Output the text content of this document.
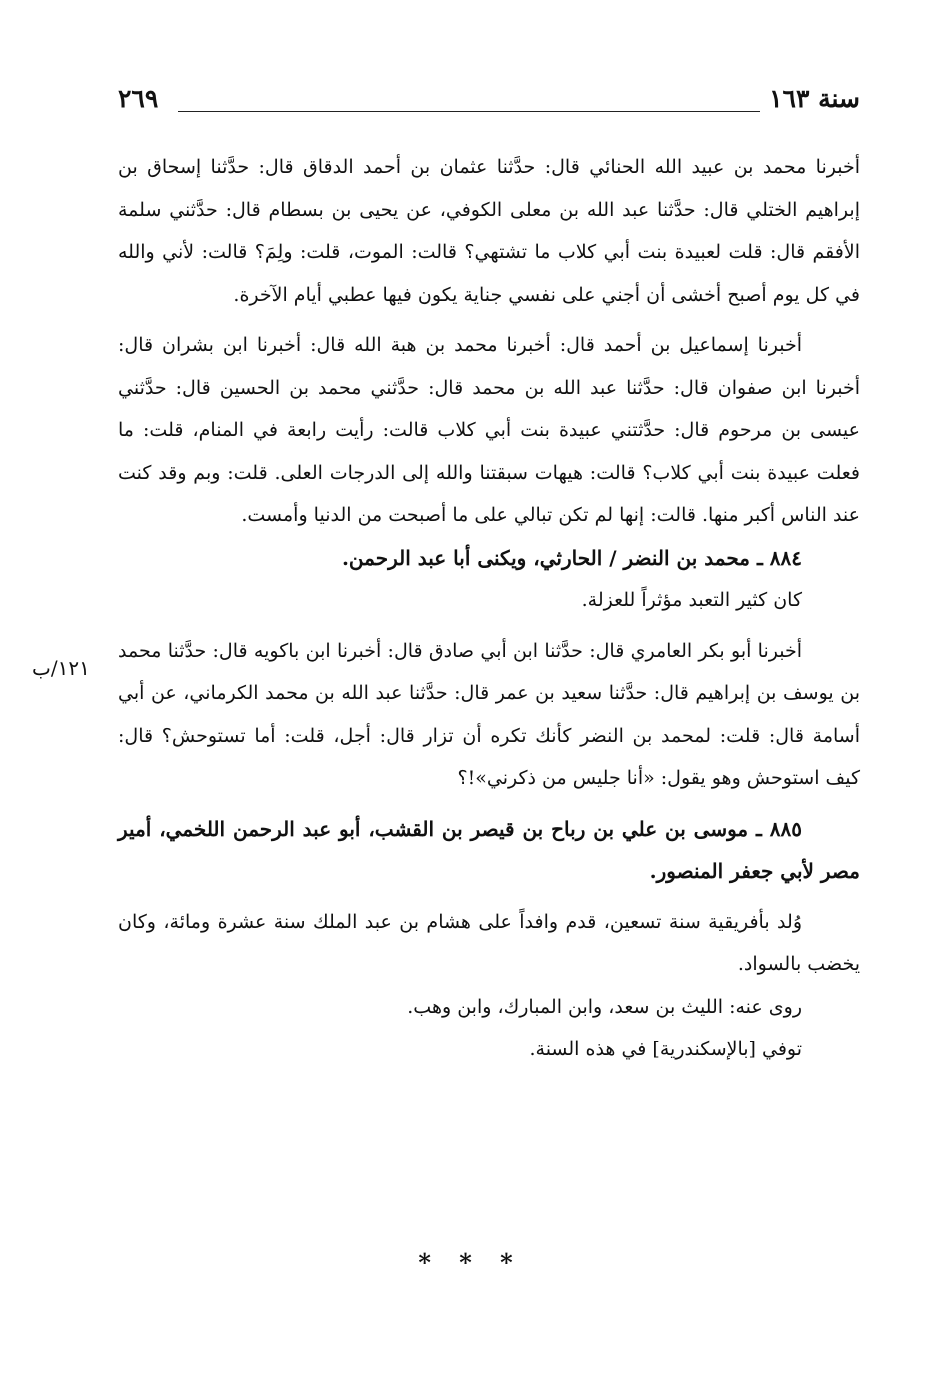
٢٦٩	سنة ١٦٣
١٢١/ب

أخبرنا محمد بن عبيد الله الحنائي قال: حدَّثنا عثمان بن أحمد الدقاق قال: حدَّثنا إسحاق بن إبراهيم الختلي قال: حدَّثنا عبد الله بن معلى الكوفي، عن يحيى بن بسطام قال: حدَّثني سلمة الأفقم قال: قلت لعبيدة بنت أبي كلاب ما تشتهي؟ قالت: الموت، قلت: ولِمَ؟ قالت: لأني والله في كل يوم أصبح أخشى أن أجني على نفسي جناية يكون فيها عطبي أيام الآخرة.

أخبرنا إسماعيل بن أحمد قال: أخبرنا محمد بن هبة الله قال: أخبرنا ابن بشران قال: أخبرنا ابن صفوان قال: حدَّثنا عبد الله بن محمد قال: حدَّثني محمد بن الحسين قال: حدَّثني عيسى بن مرحوم قال: حدَّثتني عبيدة بنت أبي كلاب قالت: رأيت رابعة في المنام، قلت: ما فعلت عبيدة بنت أبي كلاب؟ قالت: هيهات سبقتنا والله إلى الدرجات العلى. قلت: وبم وقد كنت عند الناس أكبر منها. قالت: إنها لم تكن تبالي على ما أصبحت من الدنيا وأمست.

٨٨٤ ـ محمد بن النضر / الحارثي، ويكنى أبا عبد الرحمن.

كان كثير التعبد مؤثراً للعزلة.

أخبرنا أبو بكر العامري قال: حدَّثنا ابن أبي صادق قال: أخبرنا ابن باكويه قال: حدَّثنا محمد بن يوسف بن إبراهيم قال: حدَّثنا سعيد بن عمر قال: حدَّثنا عبد الله بن محمد الكرماني، عن أبي أسامة قال: قلت: لمحمد بن النضر كأنك تكره أن تزار قال: أجل، قلت: أما تستوحش؟ قال: كيف استوحش وهو يقول: «أنا جليس من ذكرني»!؟

٨٨٥ ـ موسى بن علي بن رباح بن قيصر بن القشب، أبو عبد الرحمن اللخمي، أمير مصر لأبي جعفر المنصور.

وُلد بأفريقية سنة تسعين، قدم وافداً على هشام بن عبد الملك سنة عشرة ومائة، وكان يخضب بالسواد.

روى عنه: الليث بن سعد، وابن المبارك، وابن وهب.

توفي [بالإسكندرية] في هذه السنة.

* * *
